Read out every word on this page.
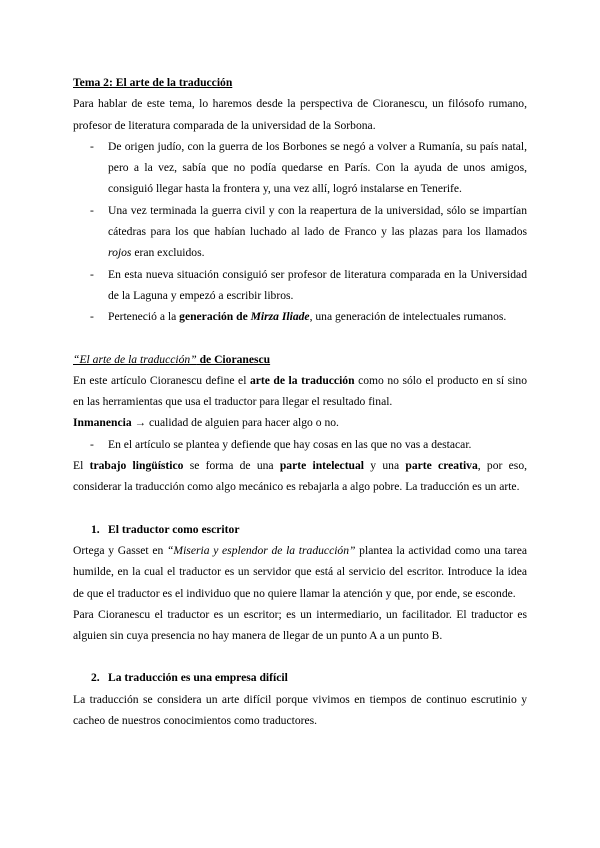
Tema 2: El arte de la traducción

Para hablar de este tema, lo haremos desde la perspectiva de Cioranescu, un filósofo rumano, profesor de literatura comparada de la universidad de la Sorbona.

- De origen judío, con la guerra de los Borbones se negó a volver a Rumanía, su país natal, pero a la vez, sabía que no podía quedarse en París. Con la ayuda de unos amigos, consiguió llegar hasta la frontera y, una vez allí, logró instalarse en Tenerife.
- Una vez terminada la guerra civil y con la reapertura de la universidad, sólo se impartían cátedras para los que habían luchado al lado de Franco y las plazas para los llamados rojos eran excluidos.
- En esta nueva situación consiguió ser profesor de literatura comparada en la Universidad de la Laguna y empezó a escribir libros.
- Perteneció a la generación de Mirza Iliade, una generación de intelectuales rumanos.

“El arte de la traducción” de Cioranescu

En este artículo Cioranescu define el arte de la traducción como no sólo el producto en sí sino en las herramientas que usa el traductor para llegar el resultado final.

Inmanencia → cualidad de alguien para hacer algo o no.

- En el artículo se plantea y defiende que hay cosas en las que no vas a destacar.

El trabajo lingüístico se forma de una parte intelectual y una parte creativa, por eso, considerar la traducción como algo mecánico es rebajarla a algo pobre. La traducción es un arte.

1. El traductor como escritor

Ortega y Gasset en “Miseria y esplendor de la traducción” plantea la actividad como una tarea humilde, en la cual el traductor es un servidor que está al servicio del escritor. Introduce la idea de que el traductor es el individuo que no quiere llamar la atención y que, por ende, se esconde.

Para Cioranescu el traductor es un escritor; es un intermediario, un facilitador. El traductor es alguien sin cuya presencia no hay manera de llegar de un punto A a un punto B.

2. La traducción es una empresa difícil

La traducción se considera un arte difícil porque vivimos en tiempos de continuo escrutinio y cacheo de nuestros conocimientos como traductores.
